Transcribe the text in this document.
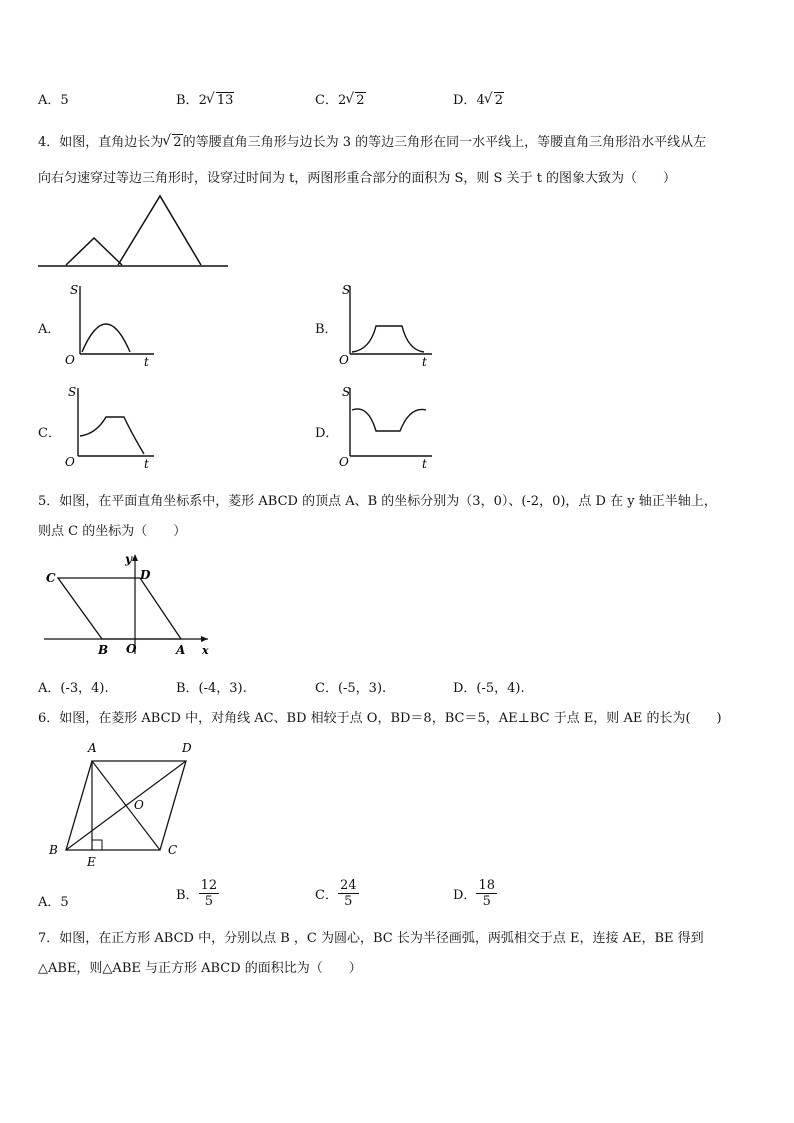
A．5	B．2 √ 13	C．2 √ 2	D．4 √ 2
4．如图，直角边长为 √ 2的等腰直角三角形与边长为 3 的等边三角形在同一水平线上，等腰直角三角形沿水平线从左
向右匀速穿过等边三角形时，设穿过时间为 t，两图形重合部分的面积为 S，则 S 关于 t 的图象大致为（　　）
A．
S
O	t
B．
S
O	t
C．
S
O	t
D．
S
O	t
5．如图，在平面直角坐标系中，菱形 ABCD 的顶点 A、B 的坐标分别为（3，0）、(-2，0)，点 D 在 y 轴正半轴上，
则点 C 的坐标为（　　）
C	D
B O	A
y
x
A．(-3，4).	B．(-4，3).	C．(-5，3).	D．(-5，4).
6．如图，在菱形 ABCD 中，对角线 AC、BD 相较于点 O，BD＝8，BC＝5，AE⊥BC 于点 E，则 AE 的长为(　　)
A	D
B	C
E
O
A．5	B． $\frac{12}{5}$	C． $\frac{24}{5}$	D． $\frac{18}{5}$
7．如图，在正方形 ABCD 中，分别以点 B ，C 为圆心，BC 长为半径画弧，两弧相交于点 E，连接 AE，BE 得到
△ABE，则△ABE 与正方形 ABCD 的面积比为（　　）
